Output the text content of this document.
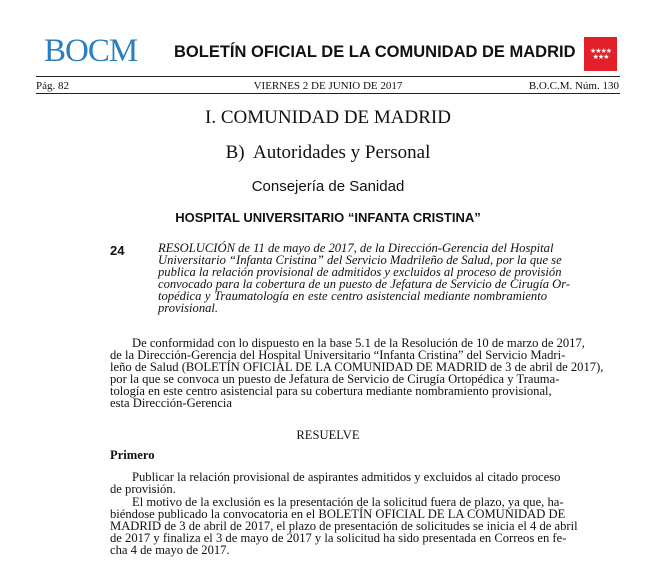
BOCM BOLETÍN OFICIAL DE LA COMUNIDAD DE MADRID	★★★★
★★★
Pág. 82	VIERNES 2 DE JUNIO DE 2017	B.O.C.M. Núm. 130
I. COMUNIDAD DE MADRID
B)  Autoridades y Personal
Consejería de Sanidad
HOSPITAL UNIVERSITARIO “INFANTA CRISTINA”
24	RESOLUCIÓN de 11 de mayo de 2017, de la Dirección-Gerencia del Hospital
Universitario “Infanta Cristina” del Servicio Madrileño de Salud, por la que se
publica la relación provisional de admitidos y excluidos al proceso de provisión
convocado para la cobertura de un puesto de Jefatura de Servicio de Cirugía Or-
topédica y Traumatología en este centro asistencial mediante nombramiento
provisional.
De conformidad con lo dispuesto en la base 5.1 de la Resolución de 10 de marzo de 2017,
de la Dirección-Gerencia del Hospital Universitario “Infanta Cristina” del Servicio Madri-
leño de Salud (BOLETÍN OFICIAL DE LA COMUNIDAD DE MADRID de 3 de abril de 2017),
por la que se convoca un puesto de Jefatura de Servicio de Cirugía Ortopédica y Trauma-
tología en este centro asistencial para su cobertura mediante nombramiento provisional,
esta Dirección-Gerencia
RESUELVE
Primero
Publicar la relación provisional de aspirantes admitidos y excluidos al citado proceso
de provisión.
El motivo de la exclusión es la presentación de la solicitud fuera de plazo, ya que, ha-
biéndose publicado la convocatoria en el BOLETÍN OFICIAL DE LA COMUNIDAD DE
MADRID de 3 de abril de 2017, el plazo de presentación de solicitudes se inicia el 4 de abril
de 2017 y finaliza el 3 de mayo de 2017 y la solicitud ha sido presentada en Correos en fe-
cha 4 de mayo de 2017.
